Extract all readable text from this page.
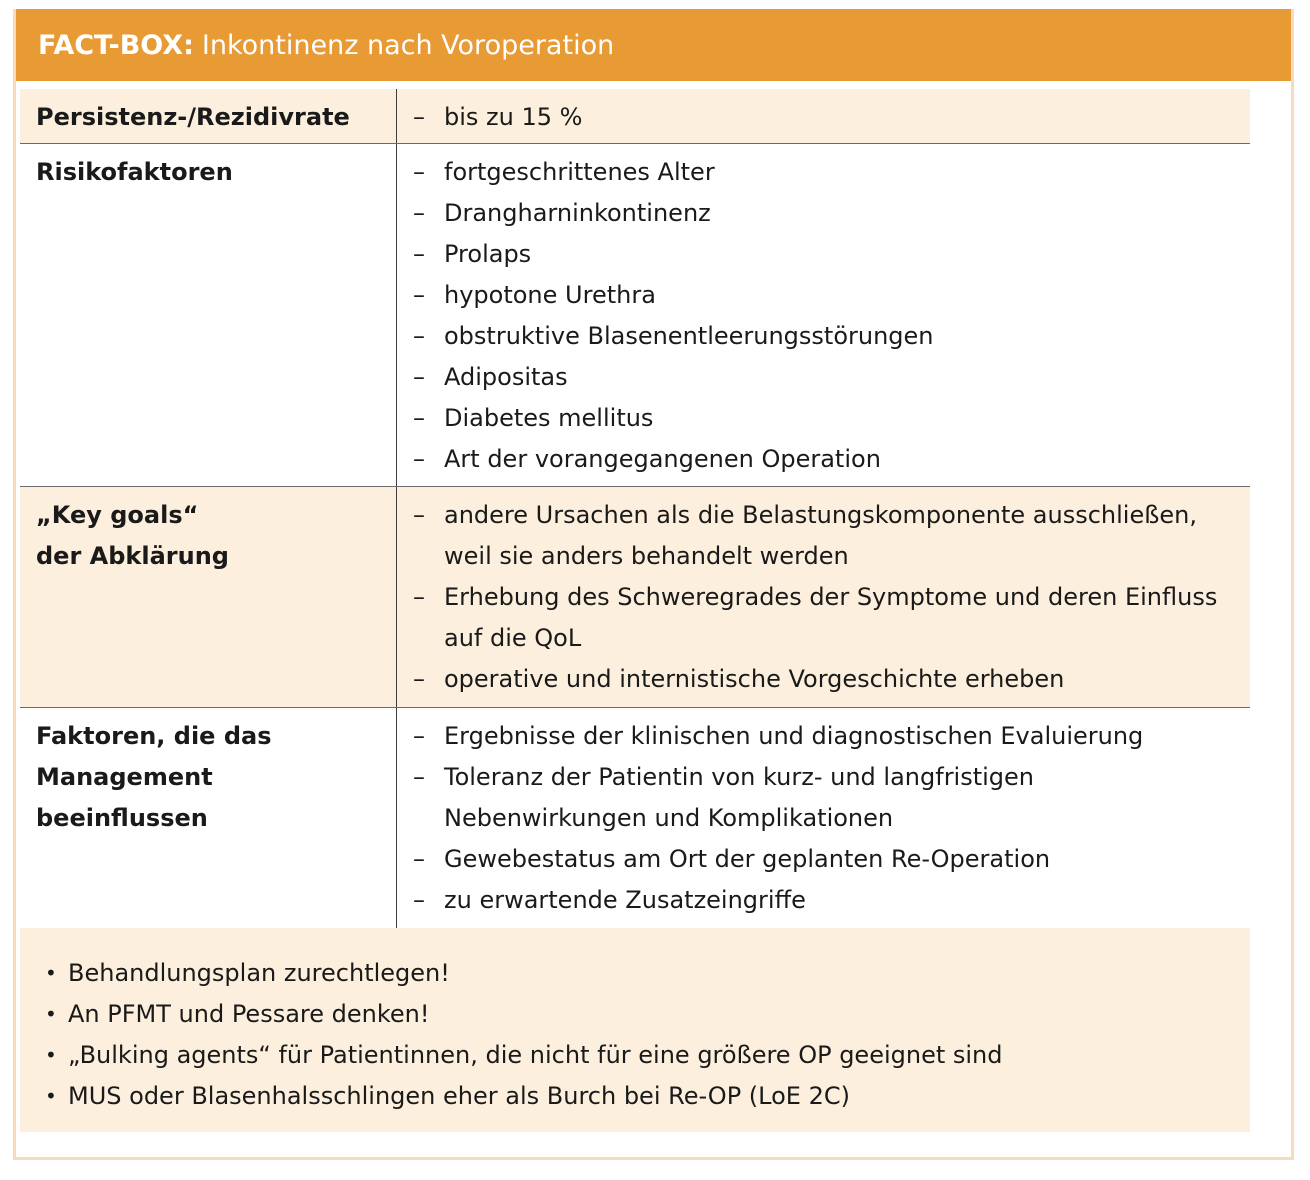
FACT-BOX: Inkontinenz nach Voroperation
Persistenz-/Rezidivrate	– bis zu 15 %
Risikofaktoren	– fortgeschrittenes Alter
– Drangharninkontinenz
– Prolaps
– hypotone Urethra
– obstruktive Blasenentleerungsstörungen
– Adipositas
– Diabetes mellitus
– Art der vorangegangenen Operation
„Key goals“
der Abklärung
– andere Ursachen als die Belastungskomponente ausschließen, weil sie anders behandelt werden
– Erhebung des Schweregrades der Symptome und deren Einfluss auf die QoL
– operative und internistische Vorgeschichte erheben
Faktoren, die das Management
beeinflussen
– Ergebnisse der klinischen und diagnostischen Evaluierung
– Toleranz der Patientin von kurz- und langfristigen Nebenwirkungen und Komplikationen
– Gewebestatus am Ort der geplanten Re-Operation
– zu erwartende Zusatzeingriffe
• Behandlungsplan zurechtlegen!
• An PFMT und Pessare denken!
• „Bulking agents“ für Patientinnen, die nicht für eine größere OP geeignet sind
• MUS oder Blasenhalsschlingen eher als Burch bei Re-OP (LoE 2C)
